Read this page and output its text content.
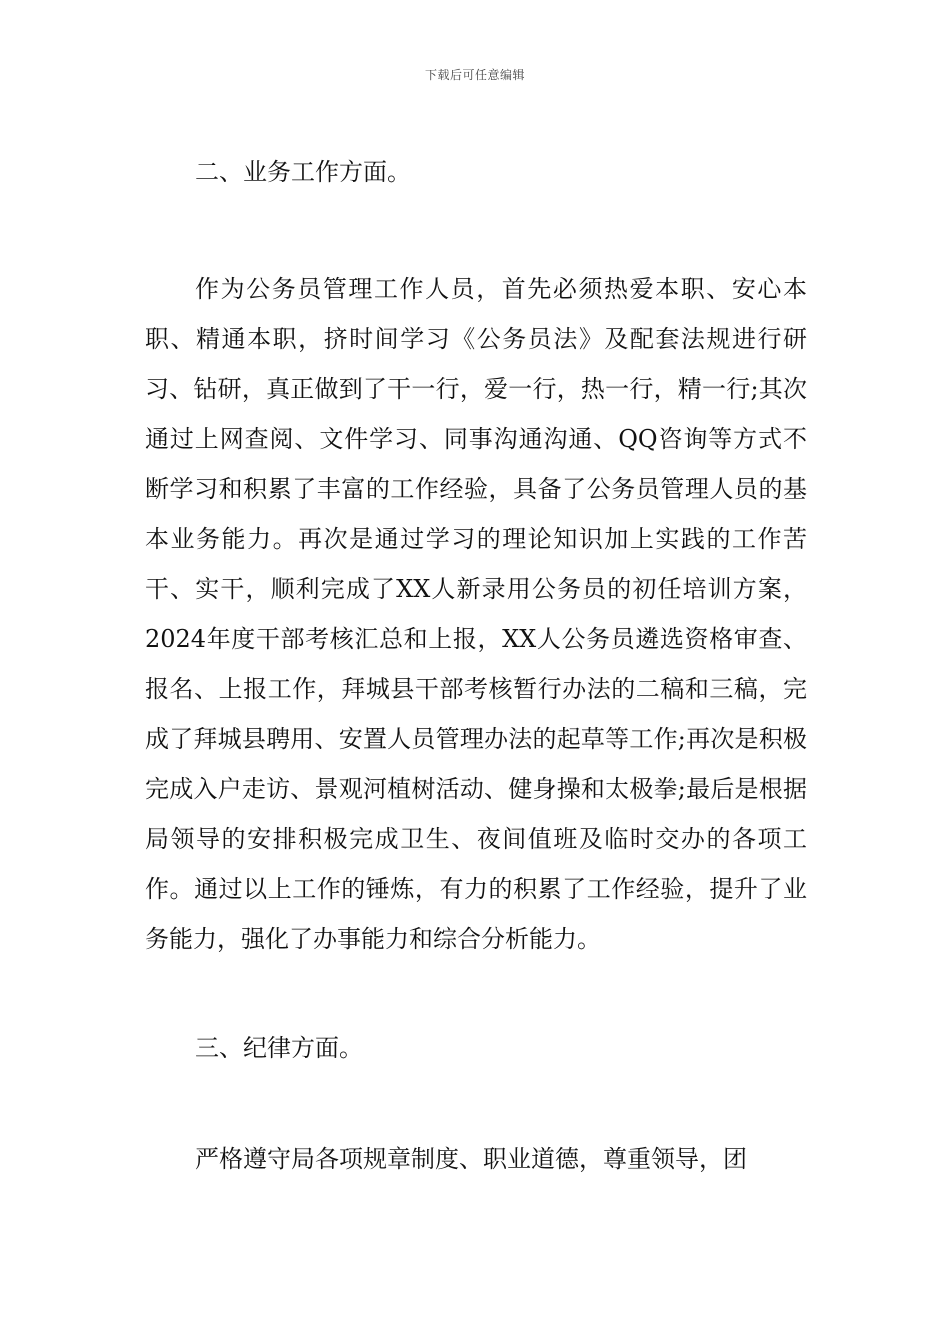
下载后可任意编辑

二、业务工作方面。

作为公务员管理工作人员，首先必须热爱本职、安心本职、精通本职，挤时间学习《公务员法》及配套法规进行研习、钻研，真正做到了干一行，爱一行，热一行，精一行;其次通过上网查阅、文件学习、同事沟通沟通、QQ咨询等方式不断学习和积累了丰富的工作经验，具备了公务员管理人员的基本业务能力。再次是通过学习的理论知识加上实践的工作苦干、实干，顺利完成了XX人新录用公务员的初任培训方案，2024年度干部考核汇总和上报，XX人公务员遴选资格审查、报名、上报工作，拜城县干部考核暂行办法的二稿和三稿，完成了拜城县聘用、安置人员管理办法的起草等工作;再次是积极完成入户走访、景观河植树活动、健身操和太极拳;最后是根据局领导的安排积极完成卫生、夜间值班及临时交办的各项工作。通过以上工作的锤炼，有力的积累了工作经验，提升了业务能力，强化了办事能力和综合分析能力。

三、纪律方面。

严格遵守局各项规章制度、职业道德，尊重领导，团
